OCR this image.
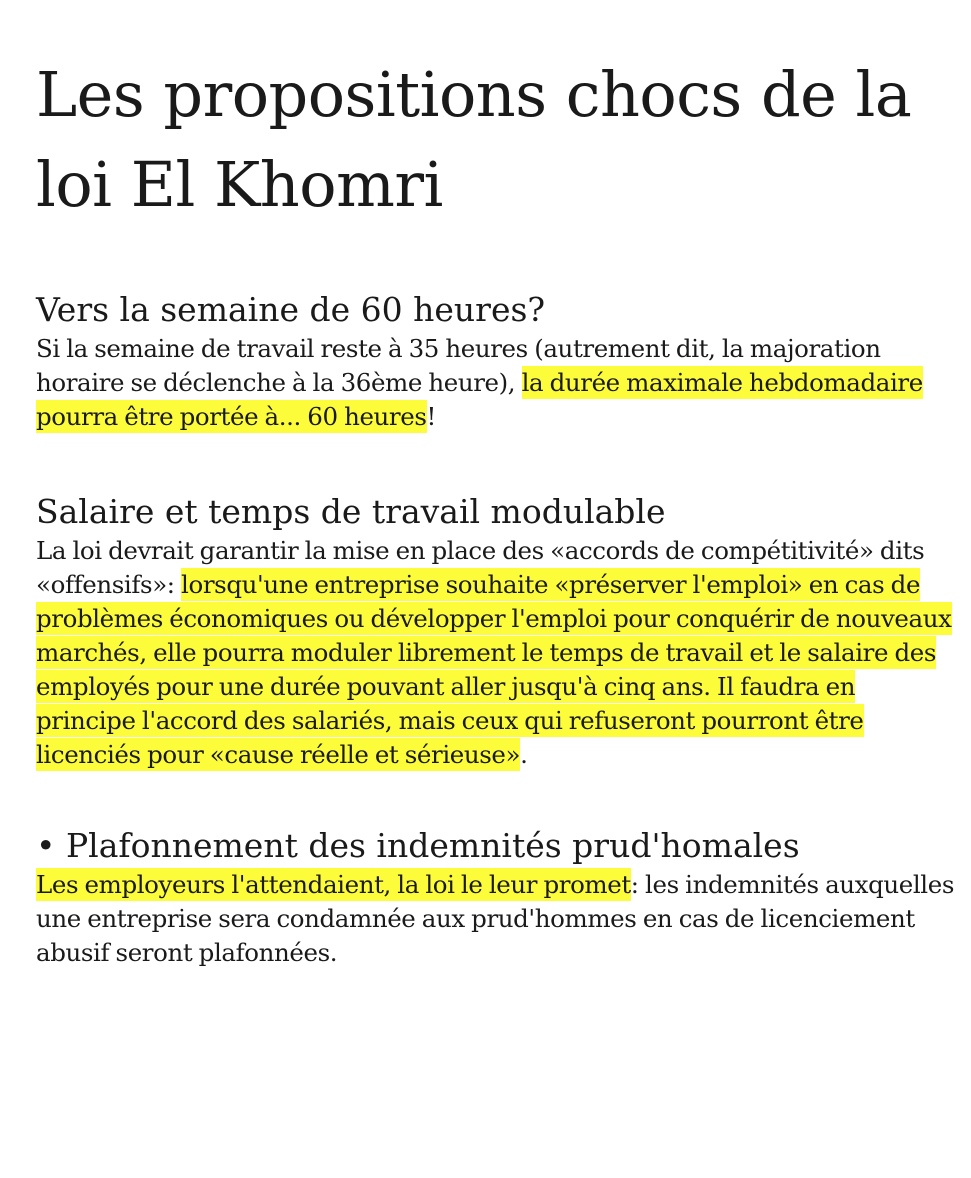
Les propositions chocs de la loi El Khomri
Vers la semaine de 60 heures?

Si la semaine de travail reste à 35 heures (autrement dit, la majoration horaire se déclenche à la 36ème heure), la durée maximale hebdomadaire pourra être portée à... 60 heures!

Salaire et temps de travail modulable

La loi devrait garantir la mise en place des «accords de compétitivité» dits «offensifs»: lorsqu'une entreprise souhaite «préserver l'emploi» en cas de problèmes économiques ou développer l'emploi pour conquérir de nouveaux marchés, elle pourra moduler librement le temps de travail et le salaire des employés pour une durée pouvant aller jusqu'à cinq ans. Il faudra en principe l'accord des salariés, mais ceux qui refuseront pourront être licenciés pour «cause réelle et sérieuse».

• Plafonnement des indemnités prud'homales

Les employeurs l'attendaient, la loi le leur promet: les indemnités auxquelles une entreprise sera condamnée aux prud'hommes en cas de licenciement abusif seront plafonnées.
